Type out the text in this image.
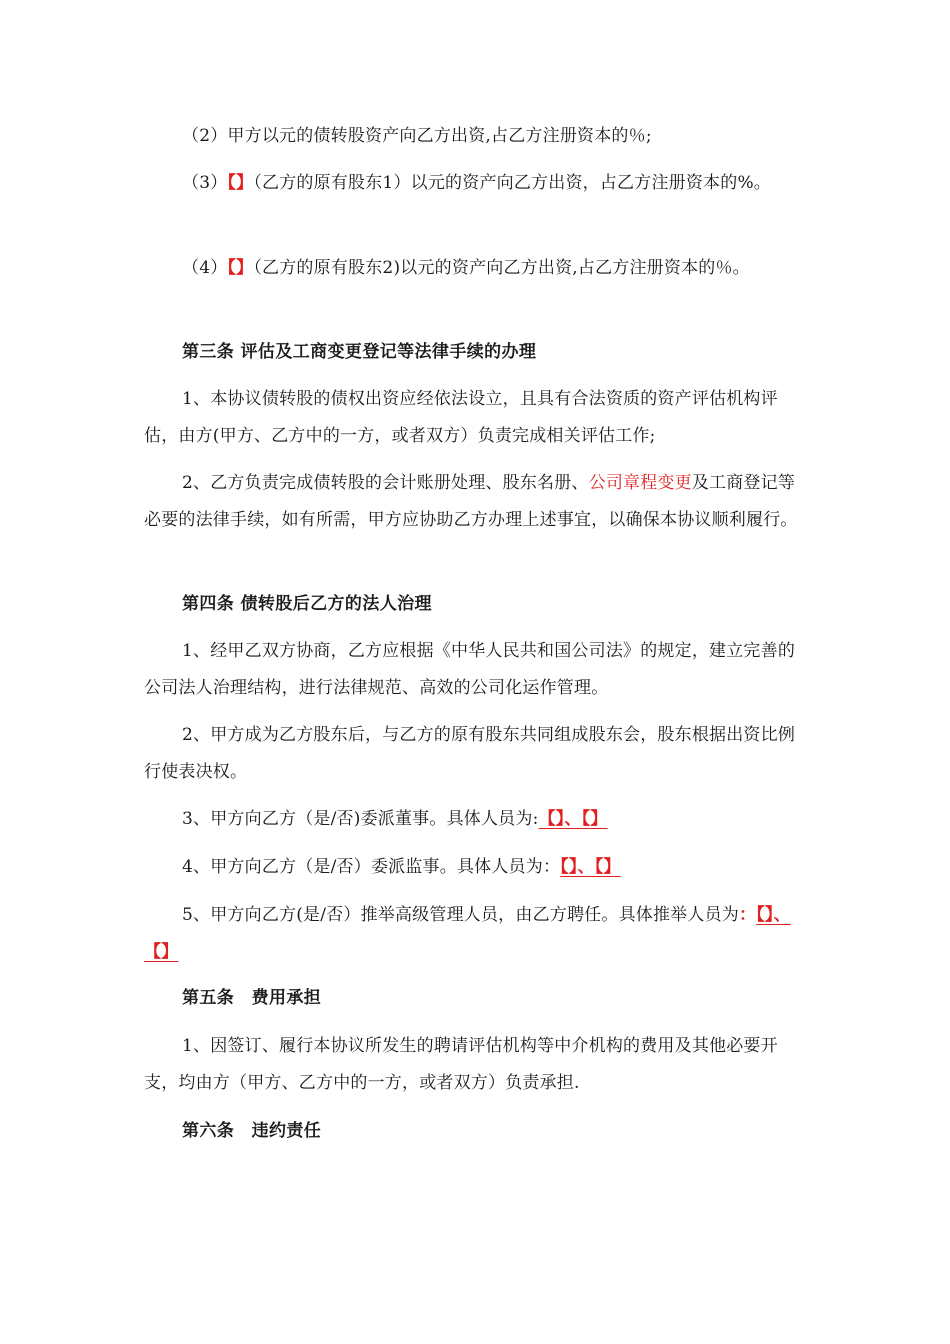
（2）甲方以元的债转股资产向乙方出资,占乙方注册资本的％;
（3）【】（乙方的原有股东1）以元的资产向乙方出资，占乙方注册资本的%。
（4）【】（乙方的原有股东2)以元的资产向乙方出资,占乙方注册资本的％。
第三条 评估及工商变更登记等法律手续的办理
1、本协议债转股的债权出资应经依法设立，且具有合法资质的资产评估机构评估，由方(甲方、乙方中的一方，或者双方）负责完成相关评估工作;
2、乙方负责完成债转股的会计账册处理、股东名册、公司章程变更及工商登记等必要的法律手续，如有所需，甲方应协助乙方办理上述事宜，以确保本协议顺利履行。
第四条 债转股后乙方的法人治理
1、经甲乙双方协商，乙方应根据《中华人民共和国公司法》的规定，建立完善的公司法人治理结构，进行法律规范、高效的公司化运作管理。
2、甲方成为乙方股东后，与乙方的原有股东共同组成股东会，股东根据出资比例行使表决权。
3、甲方向乙方（是/否)委派董事。具体人员为:【】、【】
4、甲方向乙方（是/否）委派监事。具体人员为：【】、【】
5、甲方向乙方(是/否）推举高级管理人员，由乙方聘任。具体推举人员为：【】、【】
第五条　费用承担
1、因签订、履行本协议所发生的聘请评估机构等中介机构的费用及其他必要开支，均由方（甲方、乙方中的一方，或者双方）负责承担.
第六条　违约责任
